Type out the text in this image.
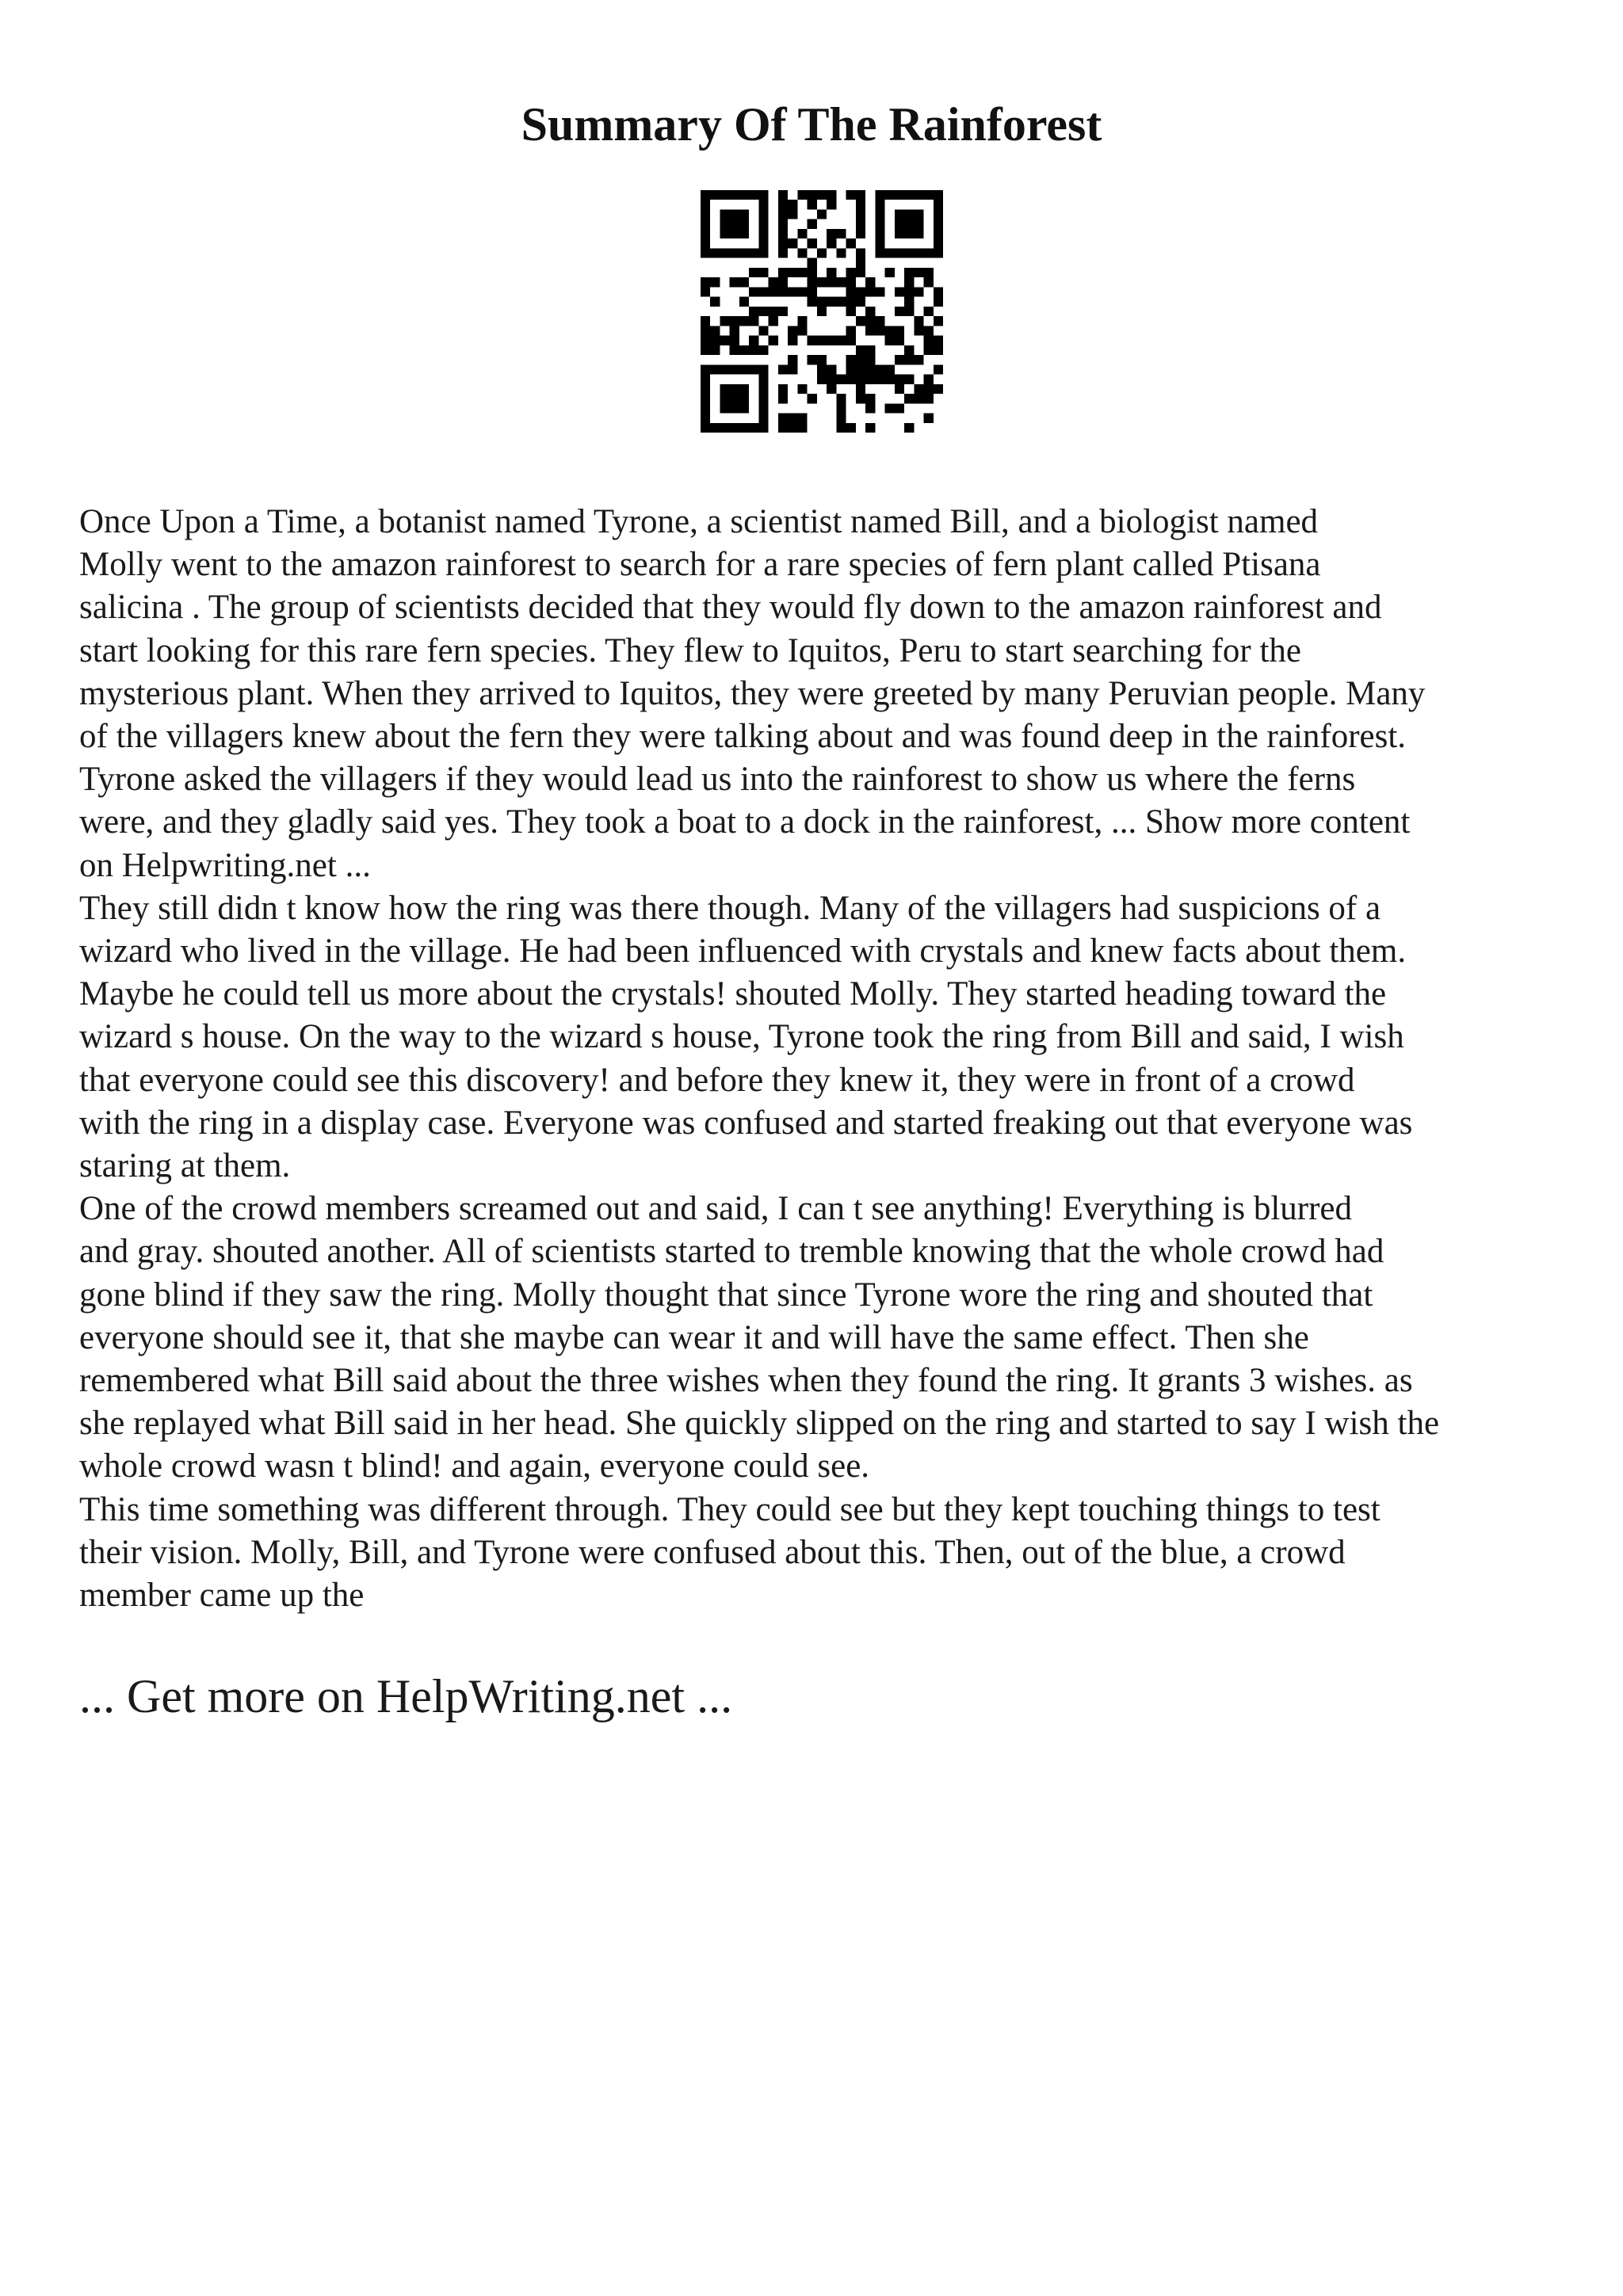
Summary Of The Rainforest

Once Upon a Time, a botanist named Tyrone, a scientist named Bill, and a biologist named
Molly went to the amazon rainforest to search for a rare species of fern plant called Ptisana
salicina . The group of scientists decided that they would fly down to the amazon rainforest and
start looking for this rare fern species. They flew to Iquitos, Peru to start searching for the
mysterious plant. When they arrived to Iquitos, they were greeted by many Peruvian people. Many
of the villagers knew about the fern they were talking about and was found deep in the rainforest.
Tyrone asked the villagers if they would lead us into the rainforest to show us where the ferns
were, and they gladly said yes. They took a boat to a dock in the rainforest, ... Show more content
on Helpwriting.net ...

They still didn t know how the ring was there though. Many of the villagers had suspicions of a
wizard who lived in the village. He had been influenced with crystals and knew facts about them.
Maybe he could tell us more about the crystals! shouted Molly. They started heading toward the
wizard s house. On the way to the wizard s house, Tyrone took the ring from Bill and said, I wish
that everyone could see this discovery! and before they knew it, they were in front of a crowd
with the ring in a display case. Everyone was confused and started freaking out that everyone was
staring at them.

One of the crowd members screamed out and said, I can t see anything! Everything is blurred
and gray. shouted another. All of scientists started to tremble knowing that the whole crowd had
gone blind if they saw the ring. Molly thought that since Tyrone wore the ring and shouted that
everyone should see it, that she maybe can wear it and will have the same effect. Then she
remembered what Bill said about the three wishes when they found the ring. It grants 3 wishes. as
she replayed what Bill said in her head. She quickly slipped on the ring and started to say I wish the
whole crowd wasn t blind! and again, everyone could see.

This time something was different through. They could see but they kept touching things to test
their vision. Molly, Bill, and Tyrone were confused about this. Then, out of the blue, a crowd
member came up the

... Get more on HelpWriting.net ...
